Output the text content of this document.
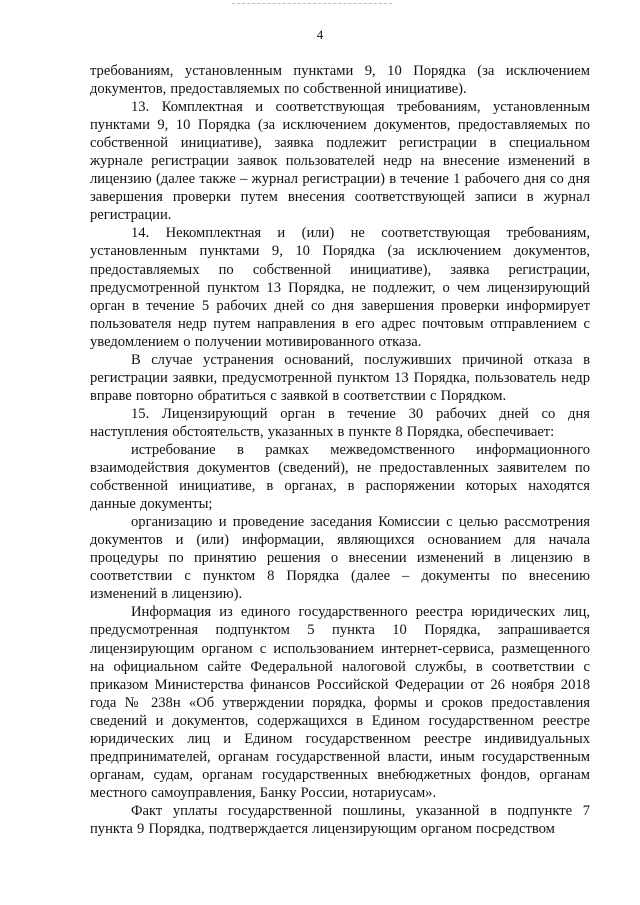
4

требованиям, установленным пунктами 9, 10 Порядка (за исключением документов, предоставляемых по собственной инициативе).

13. Комплектная и соответствующая требованиям, установленным пунктами 9, 10 Порядка (за исключением документов, предоставляемых по собственной инициативе), заявка подлежит регистрации в специальном журнале регистрации заявок пользователей недр на внесение изменений в лицензию (далее также – журнал регистрации) в течение 1 рабочего дня со дня завершения проверки путем внесения соответствующей записи в журнал регистрации.

14. Некомплектная и (или) не соответствующая требованиям, установленным пунктами 9, 10 Порядка (за исключением документов, предоставляемых по собственной инициативе), заявка регистрации, предусмотренной пунктом 13 Порядка, не подлежит, о чем лицензирующий орган в течение 5 рабочих дней со дня завершения проверки информирует пользователя недр путем направления в его адрес почтовым отправлением с уведомлением о получении мотивированного отказа.

В случае устранения оснований, послуживших причиной отказа в регистрации заявки, предусмотренной пунктом 13 Порядка, пользователь недр вправе повторно обратиться с заявкой в соответствии с Порядком.

15. Лицензирующий орган в течение 30 рабочих дней со дня наступления обстоятельств, указанных в пункте 8 Порядка, обеспечивает:

истребование в рамках межведомственного информационного взаимодействия документов (сведений), не предоставленных заявителем по собственной инициативе, в органах, в распоряжении которых находятся данные документы;

организацию и проведение заседания Комиссии с целью рассмотрения документов и (или) информации, являющихся основанием для начала процедуры по принятию решения о внесении изменений в лицензию в соответствии с пунктом 8 Порядка (далее – документы по внесению изменений в лицензию).

Информация из единого государственного реестра юридических лиц, предусмотренная подпунктом 5 пункта 10 Порядка, запрашивается лицензирующим органом с использованием интернет-сервиса, размещенного на официальном сайте Федеральной налоговой службы, в соответствии с приказом Министерства финансов Российской Федерации от 26 ноября 2018 года № 238н «Об утверждении порядка, формы и сроков предоставления сведений и документов, содержащихся в Едином государственном реестре юридических лиц и Едином государственном реестре индивидуальных предпринимателей, органам государственной власти, иным государственным органам, судам, органам государственных внебюджетных фондов, органам местного самоуправления, Банку России, нотариусам».

Факт уплаты государственной пошлины, указанной в подпункте 7 пункта 9 Порядка, подтверждается лицензирующим органом посредством
